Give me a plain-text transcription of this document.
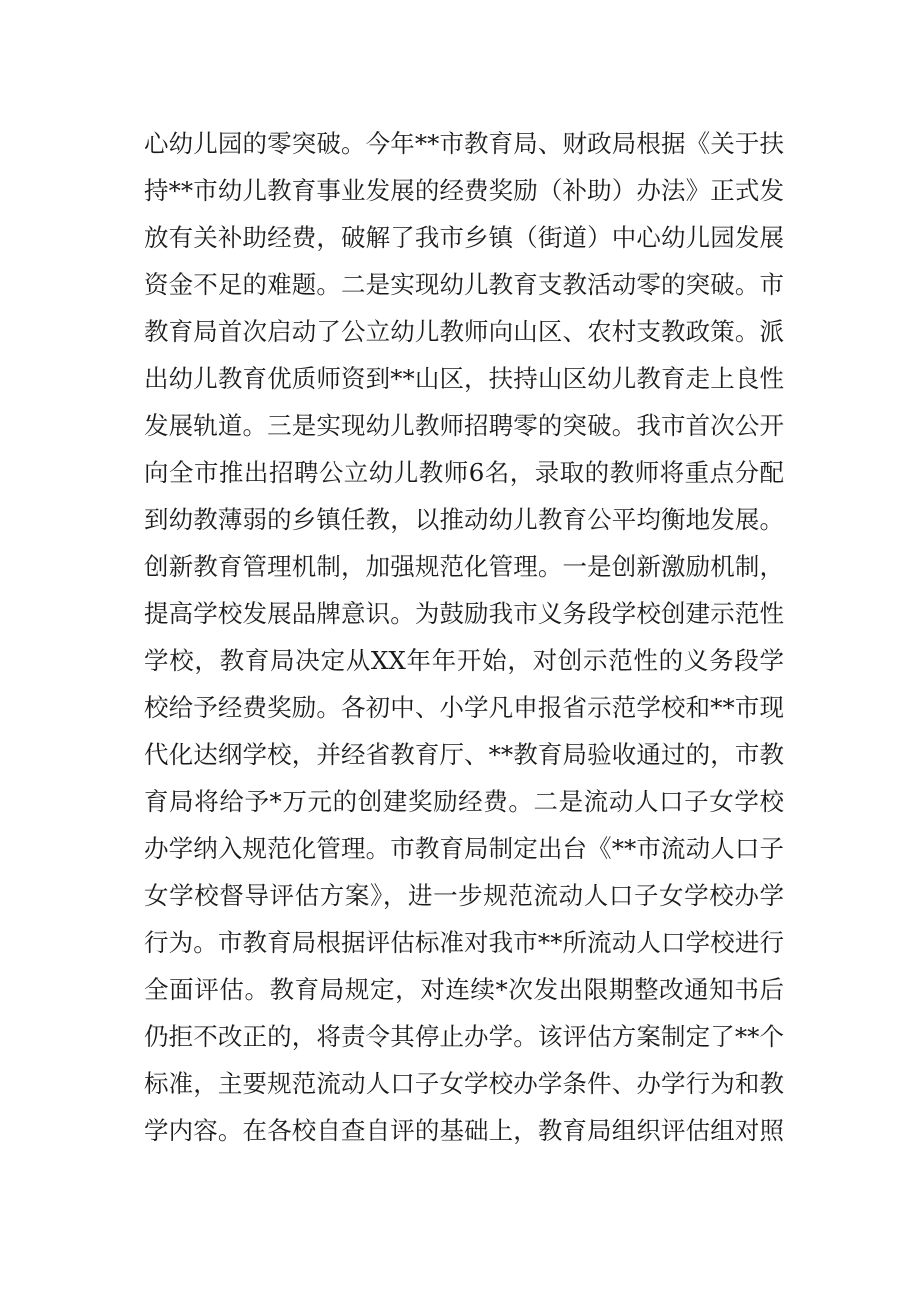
心幼儿园的零突破。今年**市教育局、财政局根据《关于扶
持**市幼儿教育事业发展的经费奖励（补助）办法》正式发
放有关补助经费，破解了我市乡镇（街道）中心幼儿园发展
资金不足的难题。二是实现幼儿教育支教活动零的突破。市
教育局首次启动了公立幼儿教师向山区、农村支教政策。派
出幼儿教育优质师资到**山区，扶持山区幼儿教育走上良性
发展轨道。三是实现幼儿教师招聘零的突破。我市首次公开
向全市推出招聘公立幼儿教师6名，录取的教师将重点分配
到幼教薄弱的乡镇任教，以推动幼儿教育公平均衡地发展。
创新教育管理机制，加强规范化管理。一是创新激励机制，
提高学校发展品牌意识。为鼓励我市义务段学校创建示范性
学校，教育局决定从XX年年开始，对创示范性的义务段学
校给予经费奖励。各初中、小学凡申报省示范学校和**市现
代化达纲学校，并经省教育厅、**教育局验收通过的，市教
育局将给予*万元的创建奖励经费。二是流动人口子女学校
办学纳入规范化管理。市教育局制定出台《**市流动人口子
女学校督导评估方案》，进一步规范流动人口子女学校办学
行为。市教育局根据评估标准对我市**所流动人口学校进行
全面评估。教育局规定，对连续*次发出限期整改通知书后
仍拒不改正的，将责令其停止办学。该评估方案制定了**个
标准，主要规范流动人口子女学校办学条件、办学行为和教
学内容。在各校自查自评的基础上，教育局组织评估组对照
